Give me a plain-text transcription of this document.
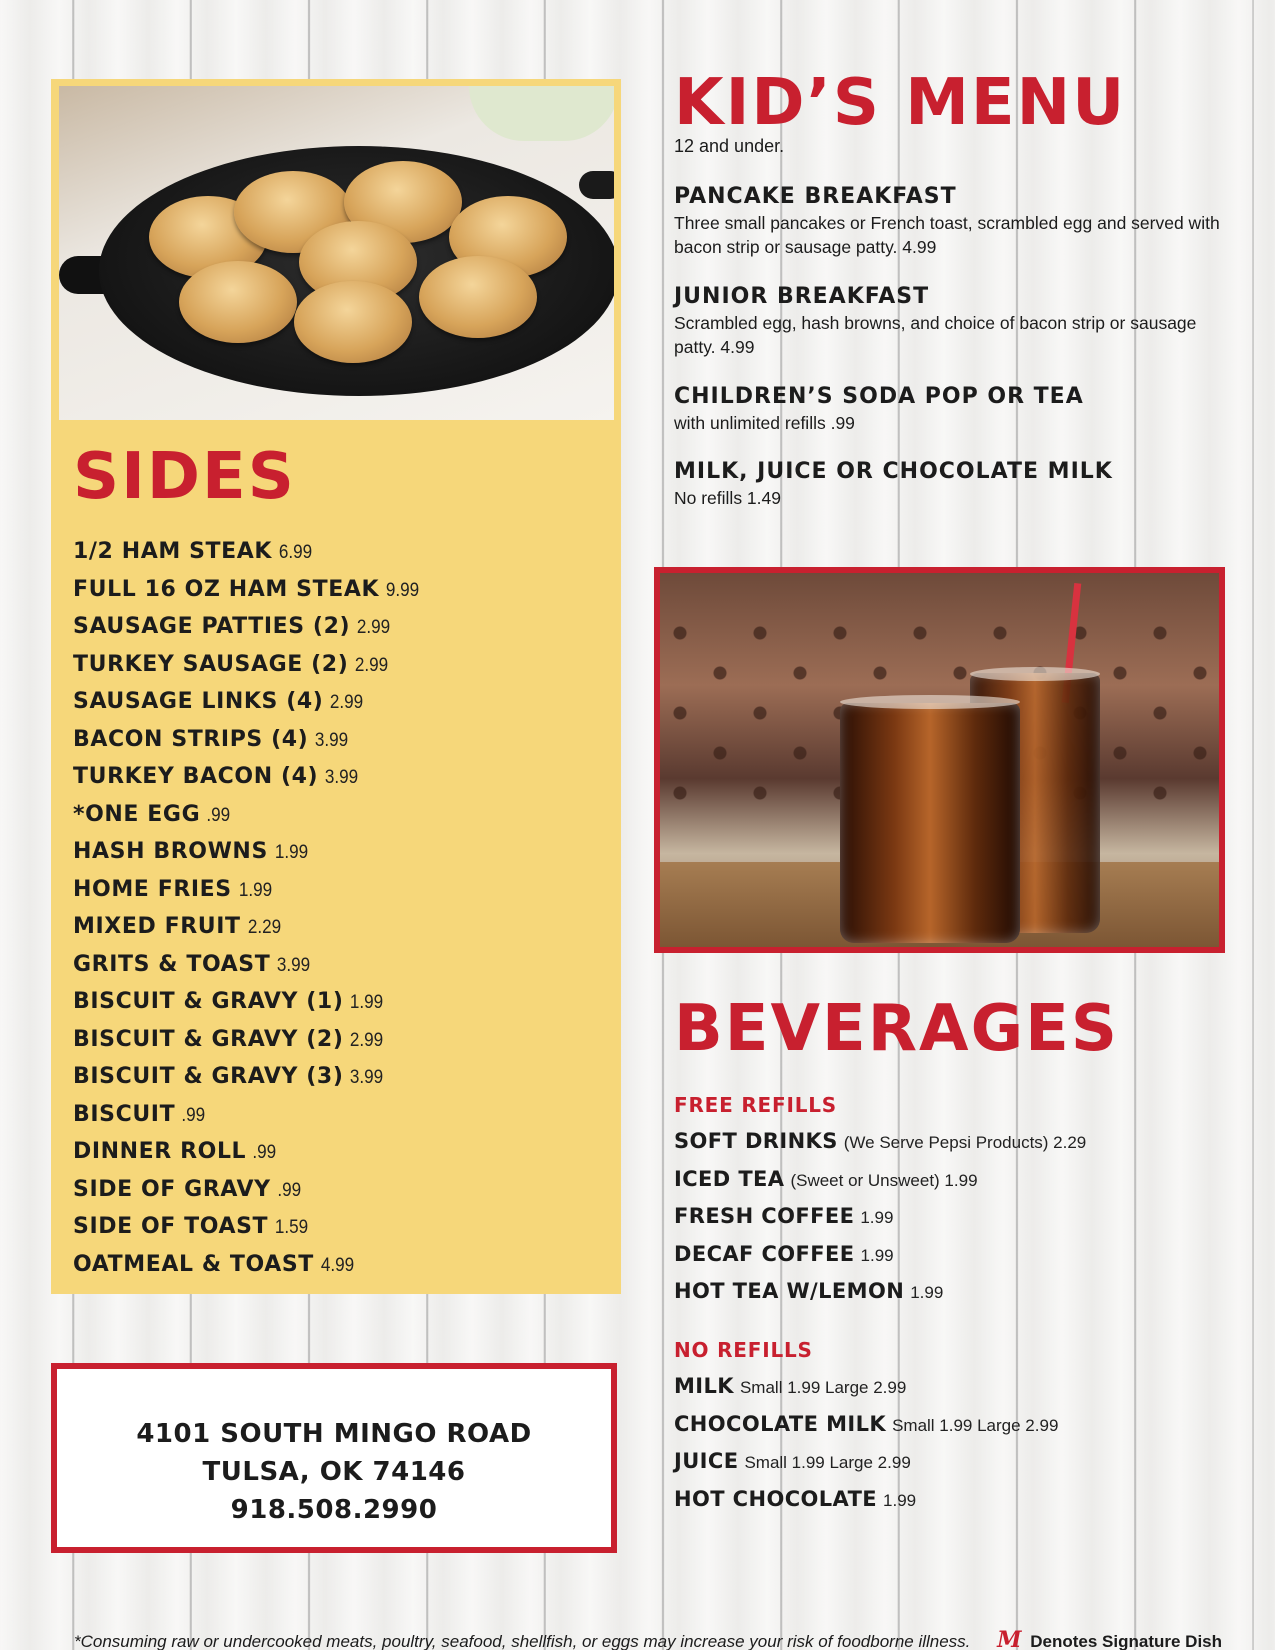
SIDES
1/2 HAM STEAK 6.99
FULL 16 OZ HAM STEAK 9.99
SAUSAGE PATTIES (2) 2.99
TURKEY SAUSAGE (2) 2.99
SAUSAGE LINKS (4) 2.99
BACON STRIPS (4) 3.99
TURKEY BACON (4) 3.99
*ONE EGG .99
HASH BROWNS 1.99
HOME FRIES 1.99
MIXED FRUIT 2.29
GRITS & TOAST 3.99
BISCUIT & GRAVY (1) 1.99
BISCUIT & GRAVY (2) 2.99
BISCUIT & GRAVY (3) 3.99
BISCUIT .99
DINNER ROLL .99
SIDE OF GRAVY .99
SIDE OF TOAST 1.59
OATMEAL & TOAST 4.99
4101 SOUTH MINGO ROAD
TULSA, OK 74146
918.508.2990
KID’S MENU
12 and under.
PANCAKE BREAKFAST
Three small pancakes or French toast, scrambled egg and served with bacon strip or sausage patty. 4.99
JUNIOR BREAKFAST
Scrambled egg, hash browns, and choice of bacon strip or sausage patty. 4.99
CHILDREN’S SODA POP OR TEA
with unlimited refills .99
MILK, JUICE OR CHOCOLATE MILK
No refills 1.49
BEVERAGES
FREE REFILLS
SOFT DRINKS (We Serve Pepsi Products) 2.29
ICED TEA (Sweet or Unsweet) 1.99
FRESH COFFEE 1.99
DECAF COFFEE 1.99
HOT TEA W/LEMON 1.99
NO REFILLS
MILK Small 1.99 Large 2.99
CHOCOLATE MILK Small 1.99 Large 2.99
JUICE Small 1.99 Large 2.99
HOT CHOCOLATE 1.99
*Consuming raw or undercooked meats, poultry, seafood, shellfish, or eggs may increase your risk of foodborne illness. M Denotes Signature Dish
